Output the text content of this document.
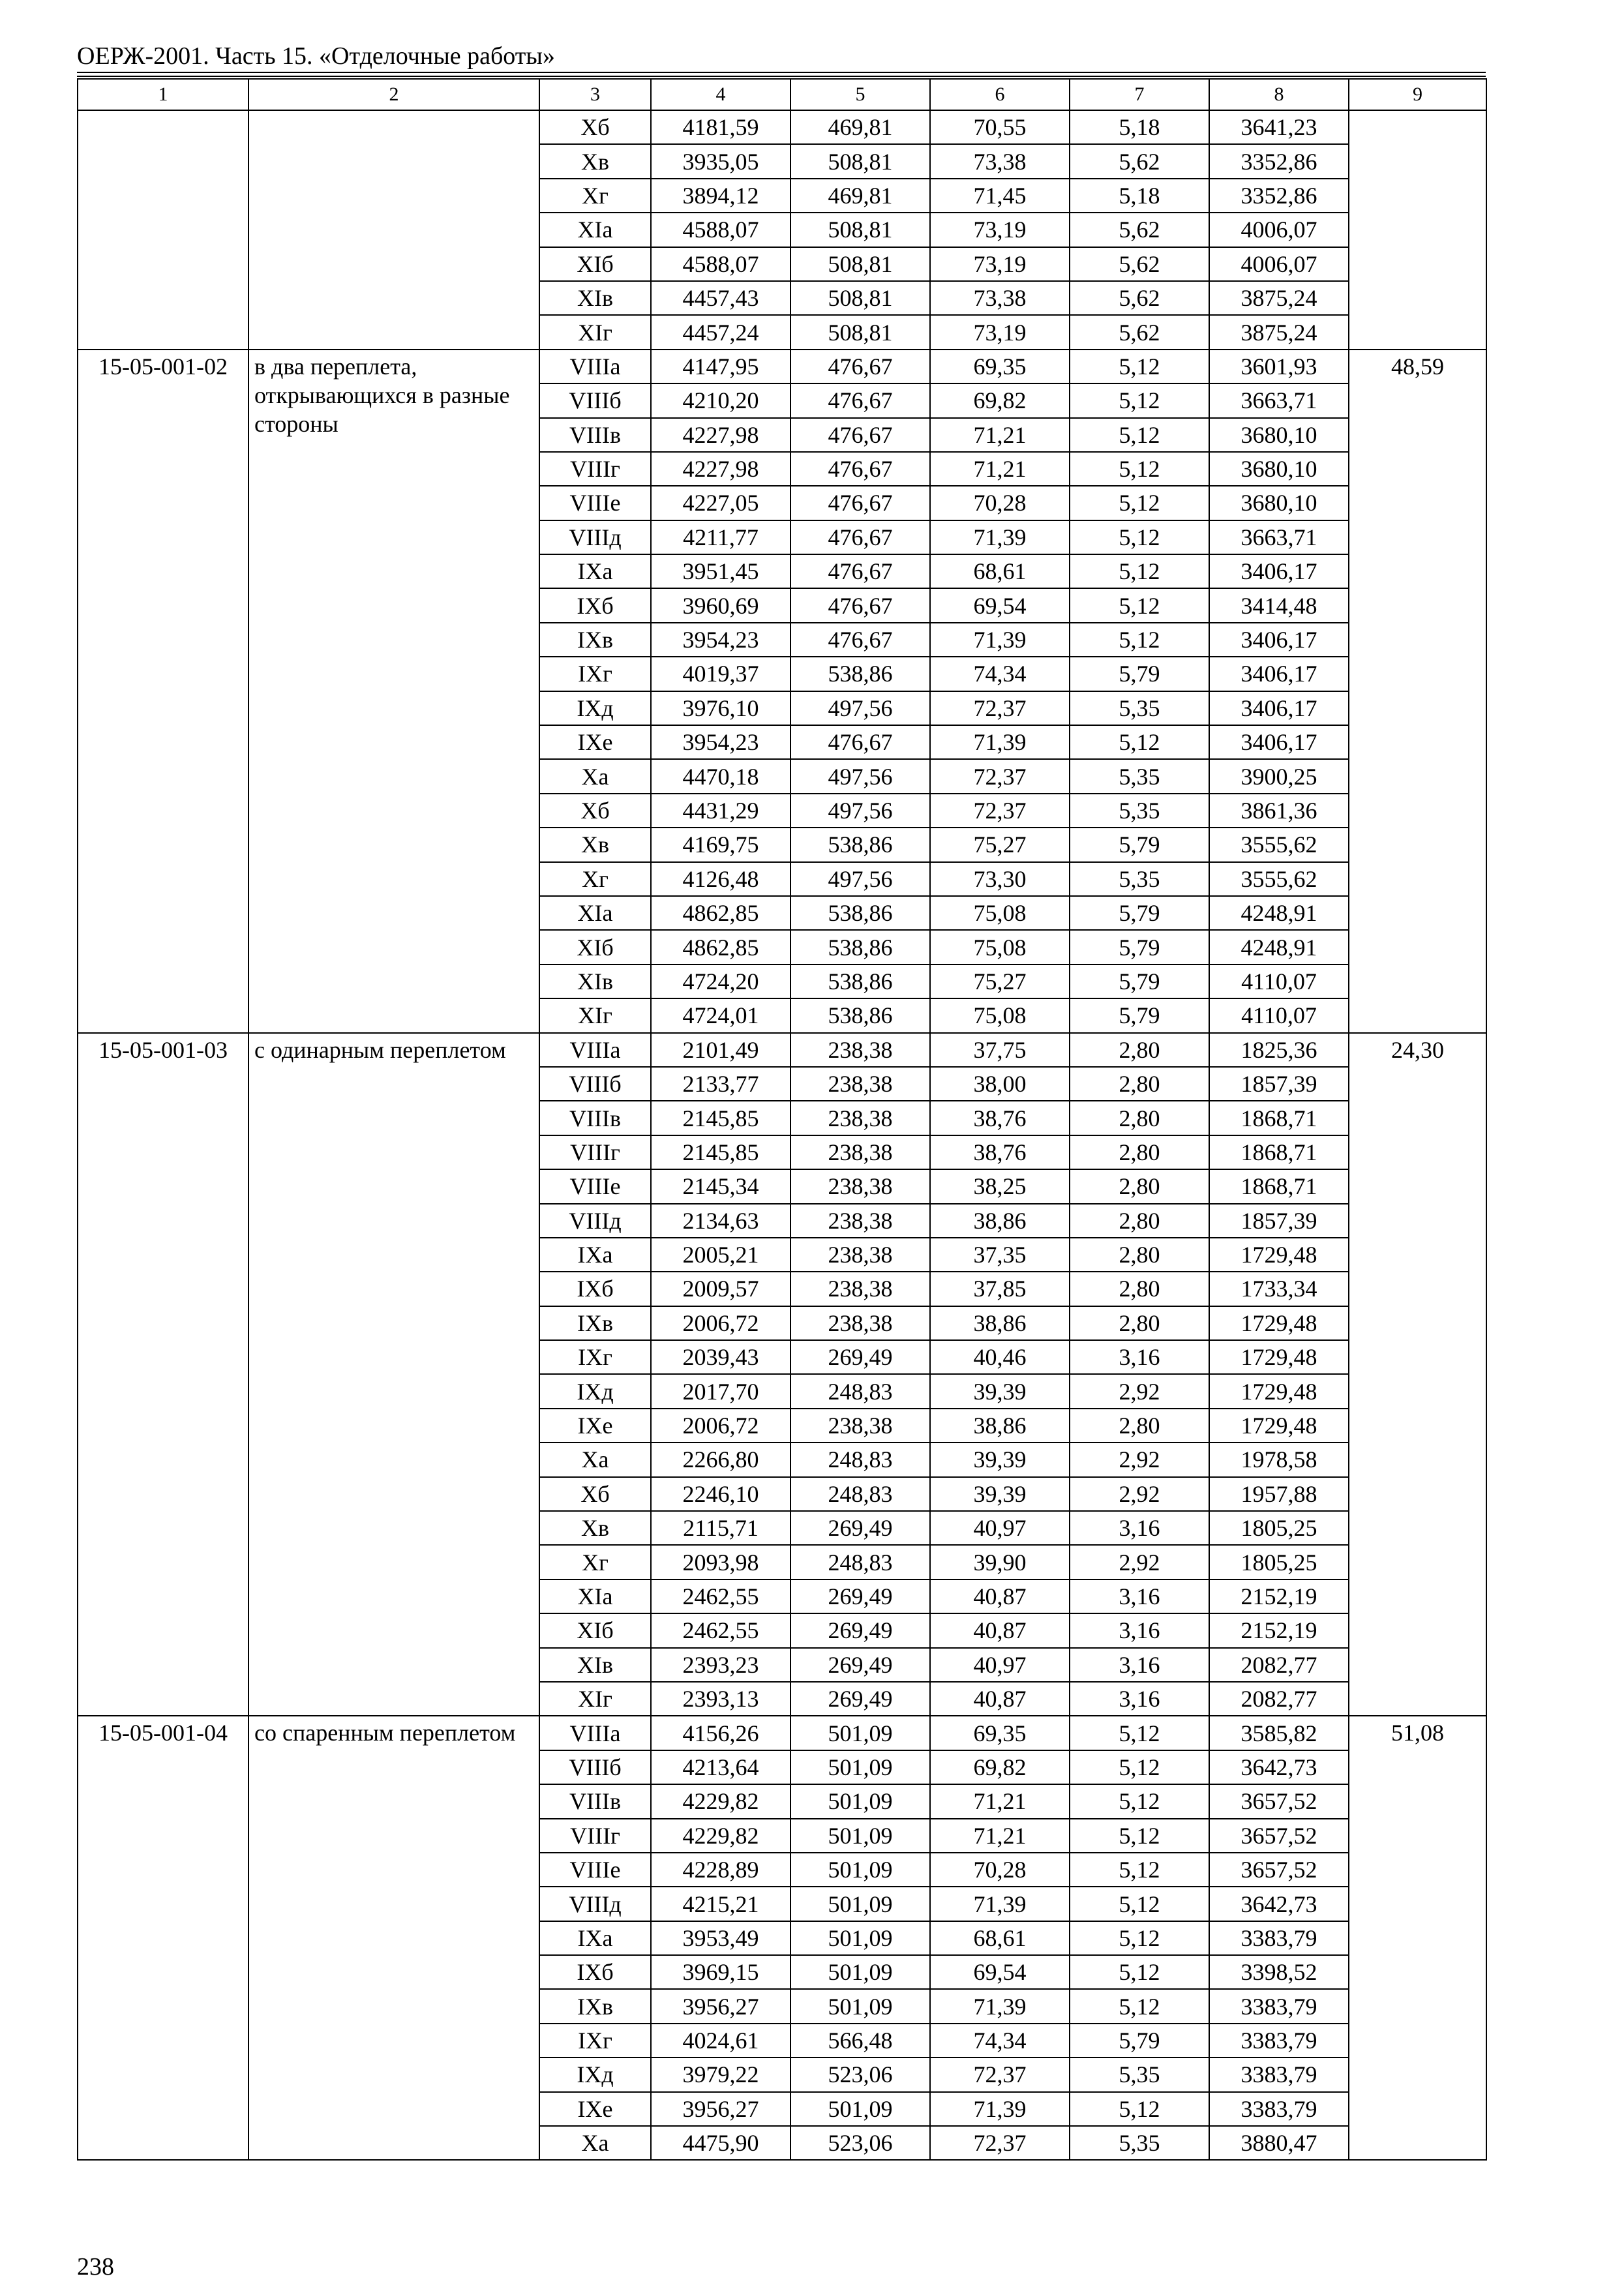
ОЕРЖ-2001. Часть 15. «Отделочные работы»
1	2	3	4	5	6	7	8	9
		Хб	4181,59	469,81	70,55	5,18	3641,23	
		Хв	3935,05	508,81	73,38	5,62	3352,86	
		Хг	3894,12	469,81	71,45	5,18	3352,86	
		ХIа	4588,07	508,81	73,19	5,62	4006,07	
		ХIб	4588,07	508,81	73,19	5,62	4006,07	
		ХIв	4457,43	508,81	73,38	5,62	3875,24	
		ХIг	4457,24	508,81	73,19	5,62	3875,24	
15-05-001-02	в два переплета, открывающихся в разные стороны	VIIIа	4147,95	476,67	69,35	5,12	3601,93	48,59
		VIIIб	4210,20	476,67	69,82	5,12	3663,71	
		VIIIв	4227,98	476,67	71,21	5,12	3680,10	
		VIIIг	4227,98	476,67	71,21	5,12	3680,10	
		VIIIе	4227,05	476,67	70,28	5,12	3680,10	
		VIIIд	4211,77	476,67	71,39	5,12	3663,71	
		IХа	3951,45	476,67	68,61	5,12	3406,17	
		IХб	3960,69	476,67	69,54	5,12	3414,48	
		IХв	3954,23	476,67	71,39	5,12	3406,17	
		IХг	4019,37	538,86	74,34	5,79	3406,17	
		IХд	3976,10	497,56	72,37	5,35	3406,17	
		IХе	3954,23	476,67	71,39	5,12	3406,17	
		Ха	4470,18	497,56	72,37	5,35	3900,25	
		Хб	4431,29	497,56	72,37	5,35	3861,36	
		Хв	4169,75	538,86	75,27	5,79	3555,62	
		Хг	4126,48	497,56	73,30	5,35	3555,62	
		ХIа	4862,85	538,86	75,08	5,79	4248,91	
		ХIб	4862,85	538,86	75,08	5,79	4248,91	
		ХIв	4724,20	538,86	75,27	5,79	4110,07	
		ХIг	4724,01	538,86	75,08	5,79	4110,07	
15-05-001-03	с одинарным переплетом	VIIIа	2101,49	238,38	37,75	2,80	1825,36	24,30
		VIIIб	2133,77	238,38	38,00	2,80	1857,39	
		VIIIв	2145,85	238,38	38,76	2,80	1868,71	
		VIIIг	2145,85	238,38	38,76	2,80	1868,71	
		VIIIе	2145,34	238,38	38,25	2,80	1868,71	
		VIIIд	2134,63	238,38	38,86	2,80	1857,39	
		IХа	2005,21	238,38	37,35	2,80	1729,48	
		IХб	2009,57	238,38	37,85	2,80	1733,34	
		IХв	2006,72	238,38	38,86	2,80	1729,48	
		IХг	2039,43	269,49	40,46	3,16	1729,48	
		IХд	2017,70	248,83	39,39	2,92	1729,48	
		IХе	2006,72	238,38	38,86	2,80	1729,48	
		Ха	2266,80	248,83	39,39	2,92	1978,58	
		Хб	2246,10	248,83	39,39	2,92	1957,88	
		Хв	2115,71	269,49	40,97	3,16	1805,25	
		Хг	2093,98	248,83	39,90	2,92	1805,25	
		ХIа	2462,55	269,49	40,87	3,16	2152,19	
		ХIб	2462,55	269,49	40,87	3,16	2152,19	
		ХIв	2393,23	269,49	40,97	3,16	2082,77	
		ХIг	2393,13	269,49	40,87	3,16	2082,77	
15-05-001-04	со спаренным переплетом	VIIIа	4156,26	501,09	69,35	5,12	3585,82	51,08
		VIIIб	4213,64	501,09	69,82	5,12	3642,73	
		VIIIв	4229,82	501,09	71,21	5,12	3657,52	
		VIIIг	4229,82	501,09	71,21	5,12	3657,52	
		VIIIе	4228,89	501,09	70,28	5,12	3657,52	
		VIIIд	4215,21	501,09	71,39	5,12	3642,73	
		IХа	3953,49	501,09	68,61	5,12	3383,79	
		IХб	3969,15	501,09	69,54	5,12	3398,52	
		IХв	3956,27	501,09	71,39	5,12	3383,79	
		IХг	4024,61	566,48	74,34	5,79	3383,79	
		IХд	3979,22	523,06	72,37	5,35	3383,79	
		IХе	3956,27	501,09	71,39	5,12	3383,79	
		Ха	4475,90	523,06	72,37	5,35	3880,47	
238
